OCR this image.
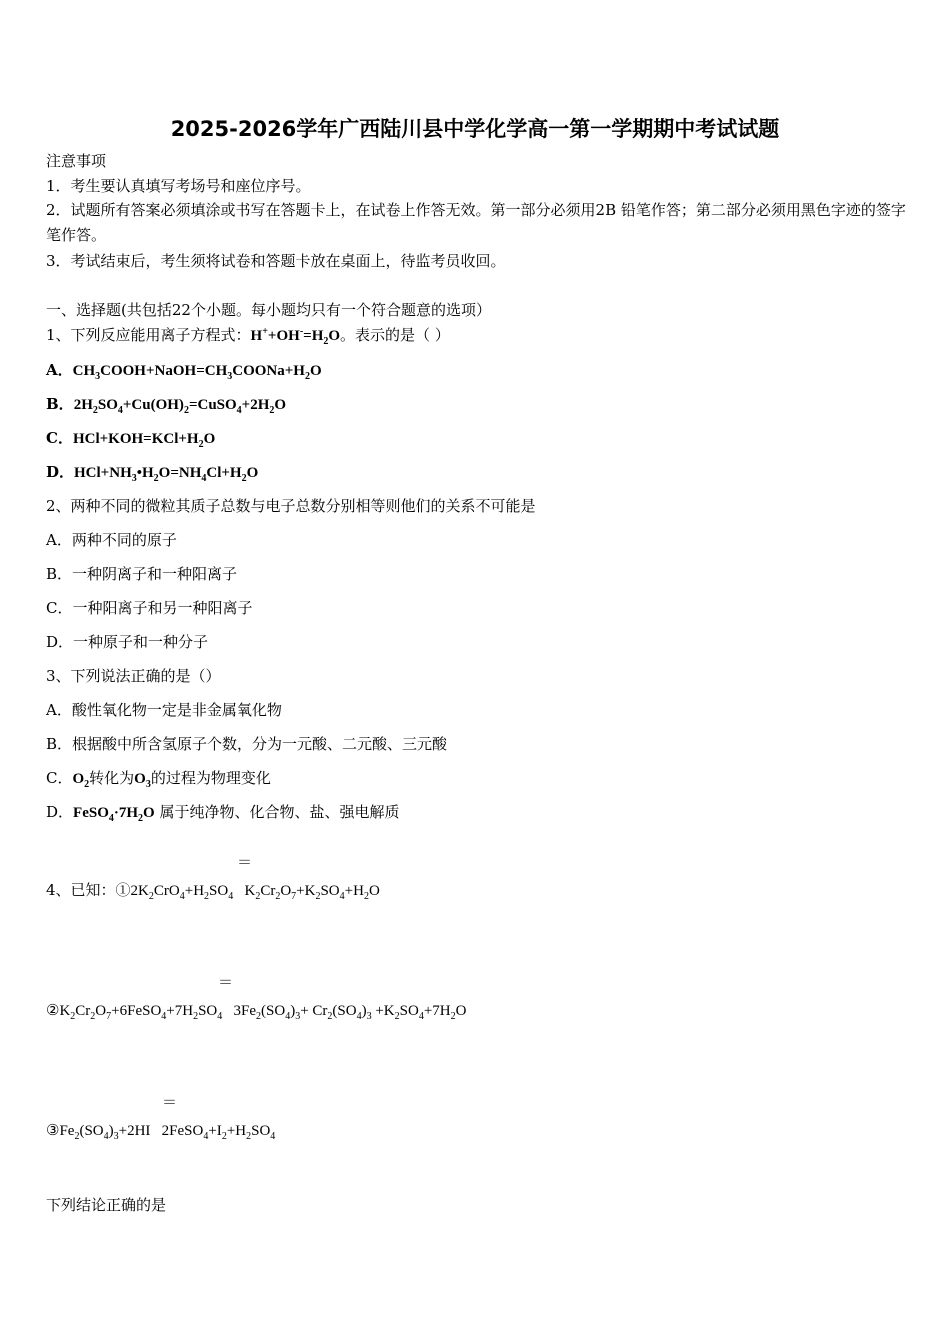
2025-2026学年广西陆川县中学化学高一第一学期期中考试试题
注意事项
1．考生要认真填写考场号和座位序号。
2．试题所有答案必须填涂或书写在答题卡上，在试卷上作答无效。第一部分必须用2B 铅笔作答；第二部分必须用黑色字迹的签字笔作答。
3．考试结束后，考生须将试卷和答题卡放在桌面上，待监考员收回。
一、选择题(共包括22个小题。每小题均只有一个符合题意的选项）
1、下列反应能用离子方程式：$H^++OH^-=H_2O$。表示的是（ ）
A．$CH_3COOH+NaOH=CH_3COONa+H_2O$
B．$2H_2SO_4+Cu(OH)_2=CuSO_4+2H_2O$
C．$HCl+KOH=KCl+H_2O$
D．$HCl+NH_3•H_2O=NH_4Cl+H_2O$
2、两种不同的微粒其质子总数与电子总数分别相等则他们的关系不可能是
A．两种不同的原子
B．一种阴离子和一种阳离子
C．一种阳离子和另一种阳离子
D．一种原子和一种分子
3、下列说法正确的是（）
A．酸性氧化物一定是非金属氧化物
B．根据酸中所含氢原子个数，分为一元酸、二元酸、三元酸
C．$O_2$转化为$O_3$的过程为物理变化
D．$FeSO_4\cdot 7H_2O$ 属于纯净物、化合物、盐、强电解质
＝
4、已知：$①2K_2CrO_4+H_2SO_4$   $K_2Cr_2O_7+K_2SO_4+H_2O$
＝
$②K_2Cr_2O_7+6FeSO_4+7H_2SO_4$   $3Fe_2(SO_4)_3+ Cr_2(SO_4)_3 +K_2SO_4+7H_2O$
＝
$③Fe_2(SO_4)_3+2HI$   $2FeSO_4+I_2+H_2SO_4$
下列结论正确的是
